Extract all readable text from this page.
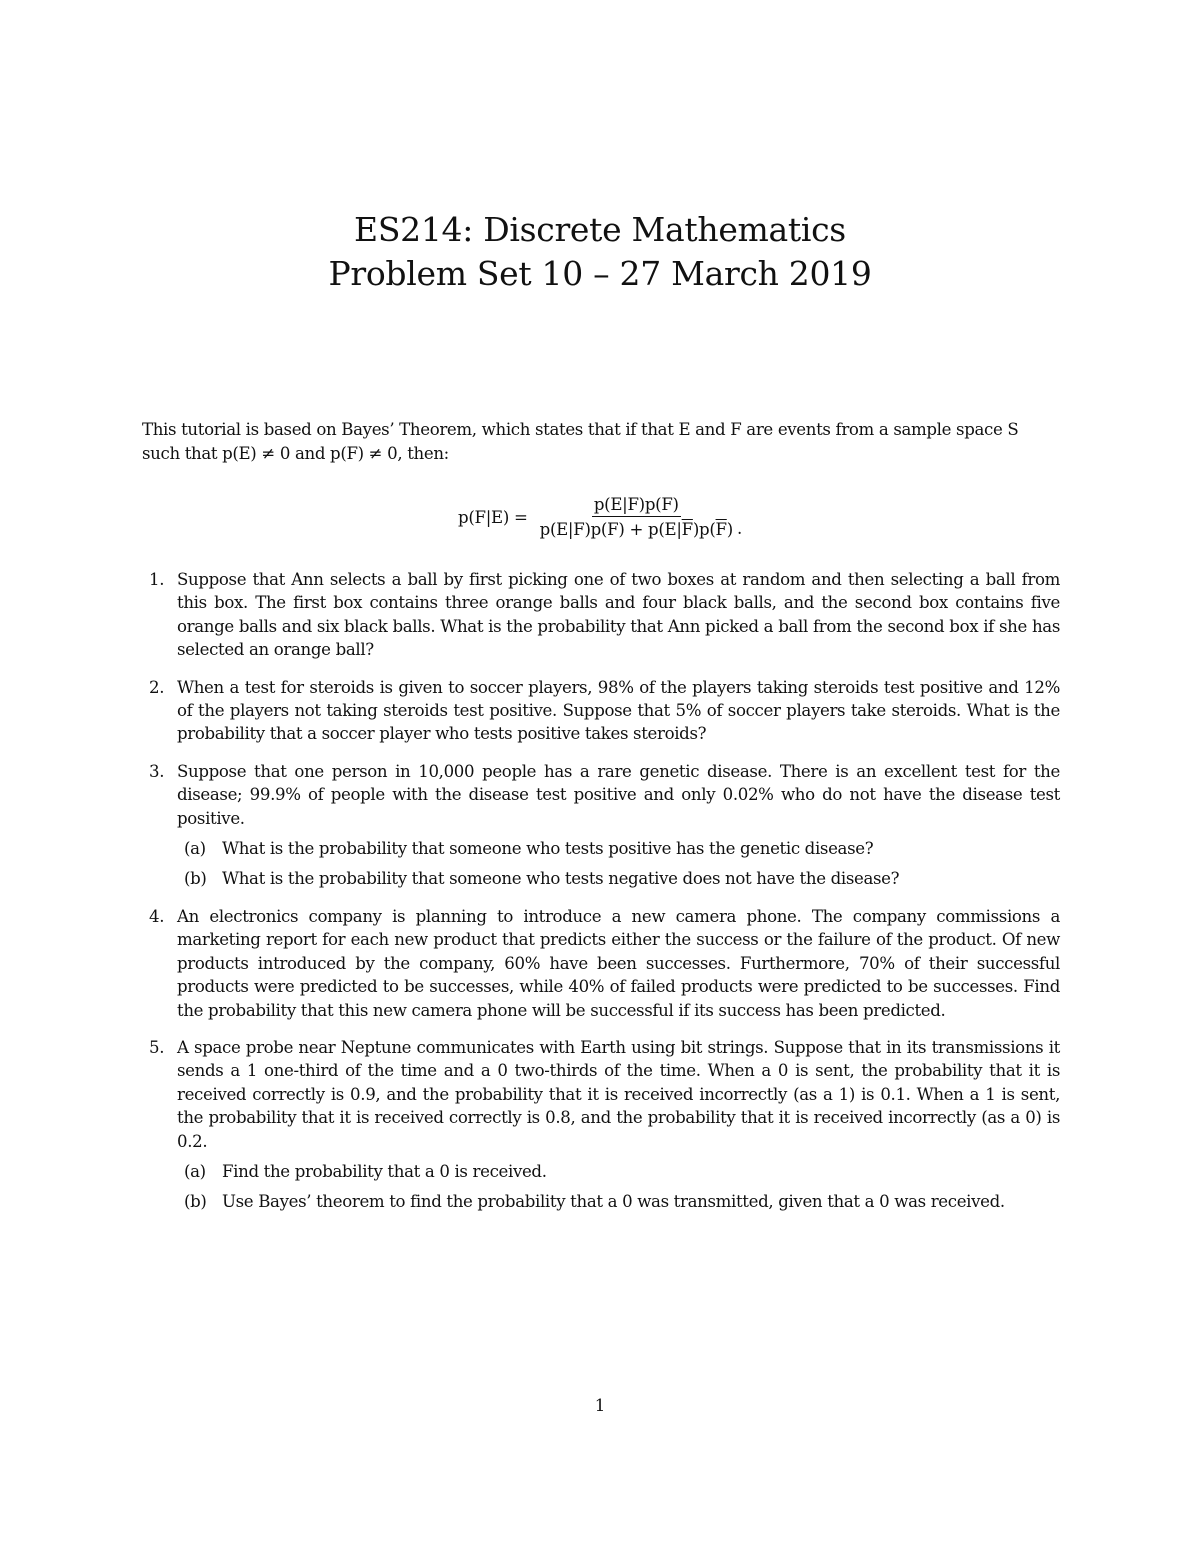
ES214: Discrete Mathematics
Problem Set 10 – 27 March 2019

This tutorial is based on Bayes’ Theorem, which states that if that E and F are events from a sample space S such that p(E) ≠ 0 and p(F) ≠ 0, then:

$p(F|E) = \frac{p(E|F)p(F)}{p(E|F)p(F) + p(E|\overline{F})p(\overline{F})}$ .
1. Suppose that Ann selects a ball by first picking one of two boxes at random and then selecting a ball from this box. The first box contains three orange balls and four black balls, and the second box contains five orange balls and six black balls. What is the probability that Ann picked a ball from the second box if she has selected an orange ball?
2. When a test for steroids is given to soccer players, 98% of the players taking steroids test positive and 12% of the players not taking steroids test positive. Suppose that 5% of soccer players take steroids. What is the probability that a soccer player who tests positive takes steroids?
3. Suppose that one person in 10,000 people has a rare genetic disease. There is an excellent test for the disease; 99.9% of people with the disease test positive and only 0.02% who do not have the disease test positive.
(a) What is the probability that someone who tests positive has the genetic disease?
(b) What is the probability that someone who tests negative does not have the disease?
4. An electronics company is planning to introduce a new camera phone. The company commissions a marketing report for each new product that predicts either the success or the failure of the product. Of new products introduced by the company, 60% have been successes. Furthermore, 70% of their successful products were predicted to be successes, while 40% of failed products were predicted to be successes. Find the probability that this new camera phone will be successful if its success has been predicted.
5. A space probe near Neptune communicates with Earth using bit strings. Suppose that in its transmissions it sends a 1 one-third of the time and a 0 two-thirds of the time. When a 0 is sent, the probability that it is received correctly is 0.9, and the probability that it is received incorrectly (as a 1) is 0.1. When a 1 is sent, the probability that it is received correctly is 0.8, and the probability that it is received incorrectly (as a 0) is 0.2.
(a) Find the probability that a 0 is received.
(b) Use Bayes’ theorem to find the probability that a 0 was transmitted, given that a 0 was received.
1
